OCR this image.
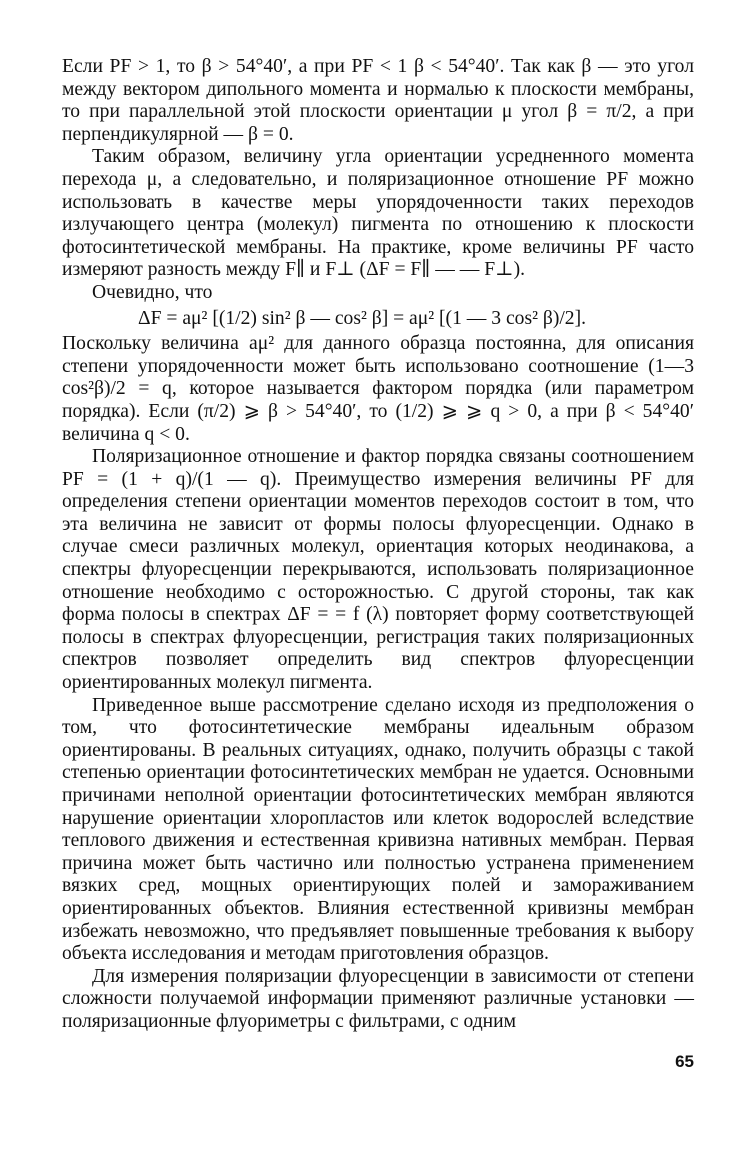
Если PF > 1, то β > 54°40′, а при PF < 1 β < 54°40′. Так как β — это угол между вектором дипольного момента и нормалью к плоскости мембраны, то при параллельной этой плоскости ориентации μ угол β = π/2, а при перпендикулярной — β = 0.

Таким образом, величину угла ориентации усредненного момента перехода μ, а следовательно, и поляризационное отношение PF можно использовать в качестве меры упорядоченности таких переходов излучающего центра (молекул) пигмента по отношению к плоскости фотосинтетической мембраны. На практике, кроме величины PF часто измеряют разность между F∥ и F⊥ (ΔF = F∥ — — F⊥).

Очевидно, что

ΔF = aμ² [(1/2) sin² β — cos² β] = aμ² [(1 — 3 cos² β)/2].

Поскольку величина aμ² для данного образца постоянна, для описания степени упорядоченности может быть использовано соотношение (1—3 cos²β)/2 = q, которое называется фактором порядка (или параметром порядка). Если (π/2) ⩾ β > 54°40′, то (1/2) ⩾ ⩾ q > 0, а при β < 54°40′ величина q < 0.

Поляризационное отношение и фактор порядка связаны соотношением PF = (1 + q)/(1 — q). Преимущество измерения величины PF для определения степени ориентации моментов переходов состоит в том, что эта величина не зависит от формы полосы флуоресценции. Однако в случае смеси различных молекул, ориентация которых неодинакова, а спектры флуоресценции перекрываются, использовать поляризационное отношение необходимо с осторожностью. С другой стороны, так как форма полосы в спектрах ΔF = = f (λ) повторяет форму соответствующей полосы в спектрах флуоресценции, регистрация таких поляризационных спектров позволяет определить вид спектров флуоресценции ориентированных молекул пигмента.

Приведенное выше рассмотрение сделано исходя из предположения о том, что фотосинтетические мембраны идеальным образом ориентированы. В реальных ситуациях, однако, получить образцы с такой степенью ориентации фотосинтетических мембран не удается. Основными причинами неполной ориентации фотосинтетических мембран являются нарушение ориентации хлоропластов или клеток водорослей вследствие теплового движения и естественная кривизна нативных мембран. Первая причина может быть частично или полностью устранена применением вязких сред, мощных ориентирующих полей и замораживанием ориентированных объектов. Влияния естественной кривизны мембран избежать невозможно, что предъявляет повышенные требования к выбору объекта исследования и методам приготовления образцов.

Для измерения поляризации флуоресценции в зависимости от степени сложности получаемой информации применяют различные установки — поляризационные флуориметры с фильтрами, с одним

65
